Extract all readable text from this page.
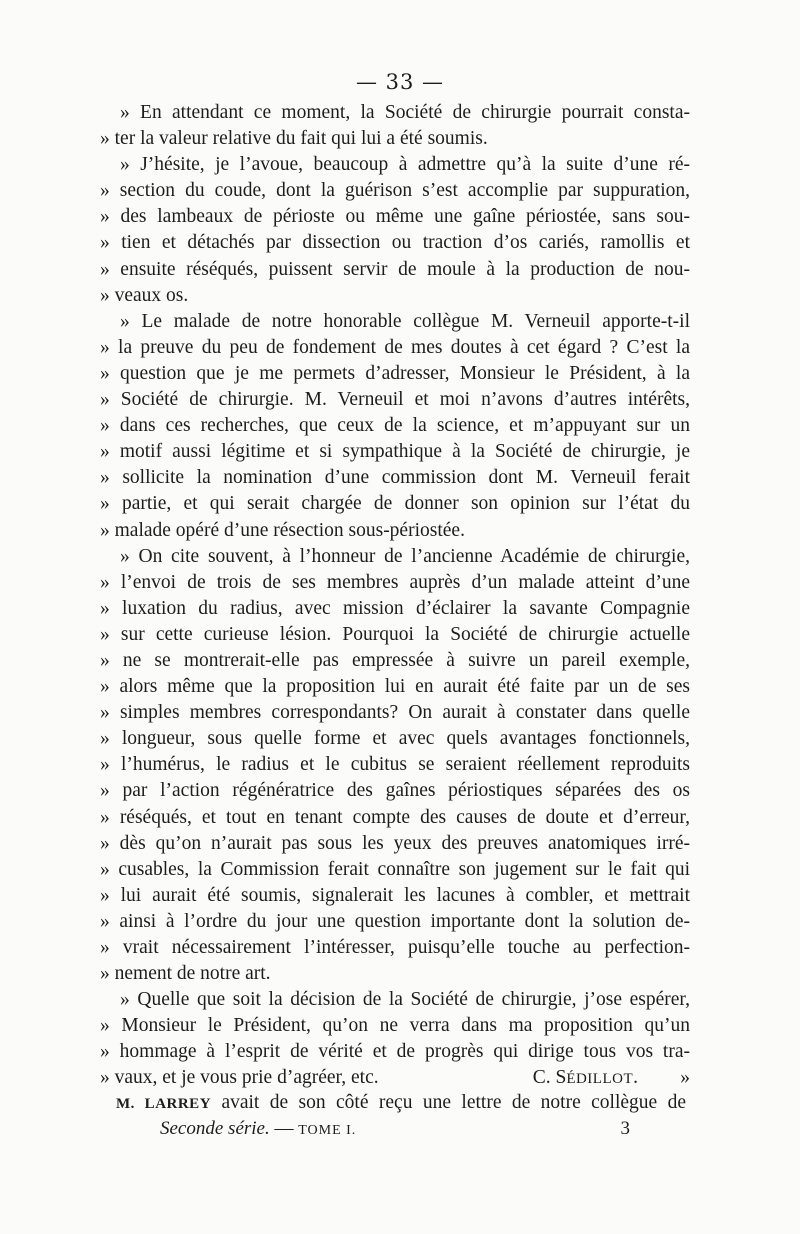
— 33 —
» En attendant ce moment, la Société de chirurgie pourrait consta-
» ter la valeur relative du fait qui lui a été soumis.
» J’hésite, je l’avoue, beaucoup à admettre qu’à la suite d’une ré-
» section du coude, dont la guérison s’est accomplie par suppuration,
» des lambeaux de périoste ou même une gaîne périostée, sans sou-
» tien et détachés par dissection ou traction d’os cariés, ramollis et
» ensuite réséqués, puissent servir de moule à la production de nou-
» veaux os.
» Le malade de notre honorable collègue M. Verneuil apporte-t-il
» la preuve du peu de fondement de mes doutes à cet égard ? C’est la
» question que je me permets d’adresser, Monsieur le Président, à la
» Société de chirurgie. M. Verneuil et moi n’avons d’autres intérêts,
» dans ces recherches, que ceux de la science, et m’appuyant sur un
» motif aussi légitime et si sympathique à la Société de chirurgie, je
» sollicite la nomination d’une commission dont M. Verneuil ferait
» partie, et qui serait chargée de donner son opinion sur l’état du
» malade opéré d’une résection sous-périostée.
» On cite souvent, à l’honneur de l’ancienne Académie de chirurgie,
» l’envoi de trois de ses membres auprès d’un malade atteint d’une
» luxation du radius, avec mission d’éclairer la savante Compagnie
» sur cette curieuse lésion. Pourquoi la Société de chirurgie actuelle
» ne se montrerait-elle pas empressée à suivre un pareil exemple,
» alors même que la proposition lui en aurait été faite par un de ses
» simples membres correspondants? On aurait à constater dans quelle
» longueur, sous quelle forme et avec quels avantages fonctionnels,
» l’humérus, le radius et le cubitus se seraient réellement reproduits
» par l’action régénératrice des gaînes périostiques séparées des os
» réséqués, et tout en tenant compte des causes de doute et d’erreur,
» dès qu’on n’aurait pas sous les yeux des preuves anatomiques irré-
» cusables, la Commission ferait connaître son jugement sur le fait qui
» lui aurait été soumis, signalerait les lacunes à combler, et mettrait
» ainsi à l’ordre du jour une question importante dont la solution de-
» vrait nécessairement l’intéresser, puisqu’elle touche au perfection-
» nement de notre art.
» Quelle que soit la décision de la Société de chirurgie, j’ose espérer,
» Monsieur le Président, qu’on ne verra dans ma proposition qu’un
» hommage à l’esprit de vérité et de progrès qui dirige tous vos tra-
» vaux, et je vous prie d’agréer, etc.	C. SÉDILLOT. »
M. LARREY avait de son côté reçu une lettre de notre collègue de
Seconde série. — TOME I.	3
